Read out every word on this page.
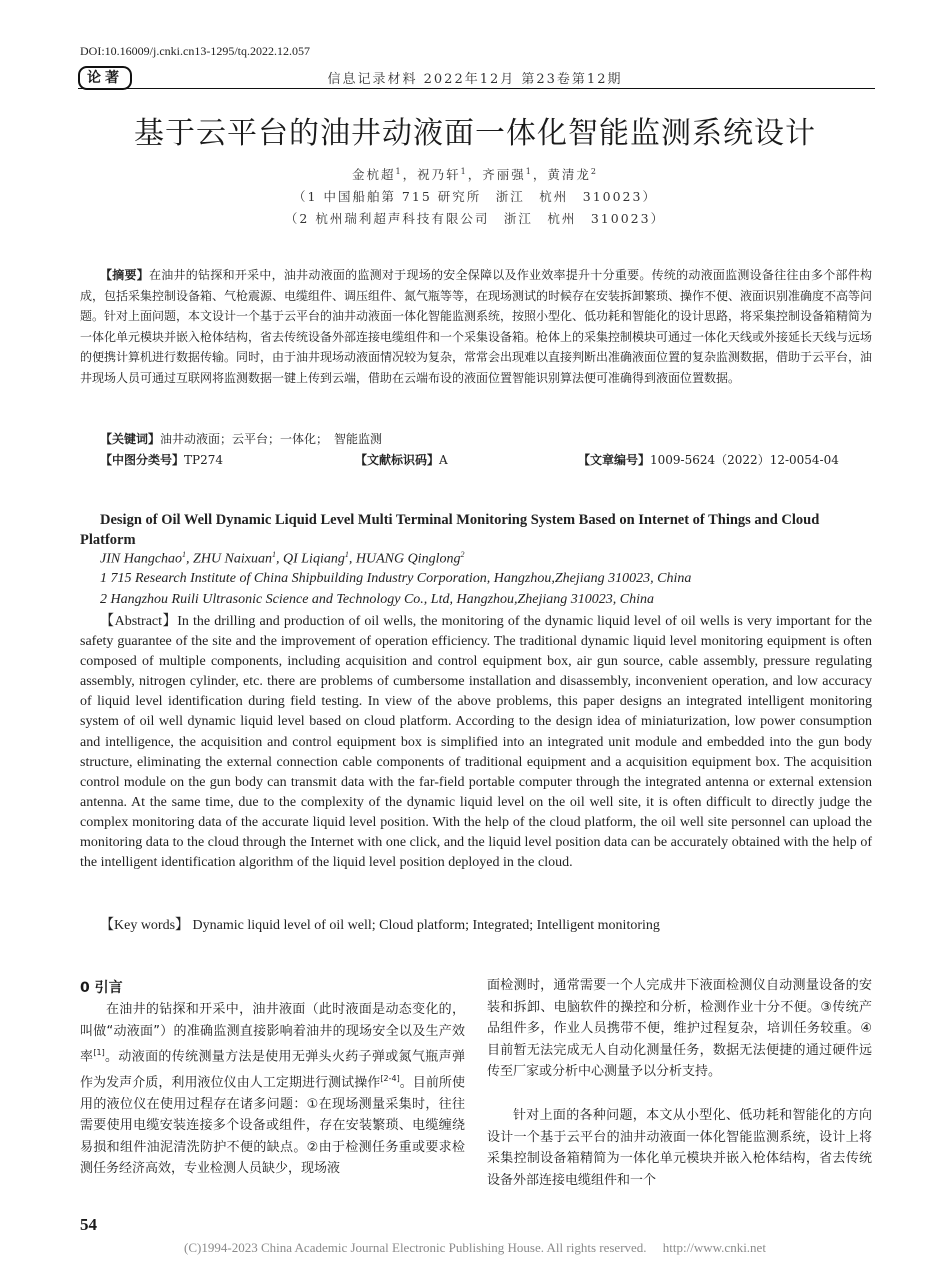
DOI:10.16009/j.cnki.cn13-1295/tq.2022.12.057
论著	信息记录材料 2022年12月 第23卷第12期
基于云平台的油井动液面一体化智能监测系统设计
金杭超$^1$，祝乃轩$^1$，齐丽强$^1$，黄清龙$^2$
（1 中国船舶第 715 研究所　浙江　杭州　310023）
（2 杭州瑞利超声科技有限公司　浙江　杭州　310023）
【摘要】在油井的钻探和开采中，油井动液面的监测对于现场的安全保障以及作业效率提升十分重要。传统的动液面监测设备往往由多个部件构成，包括采集控制设备箱、气枪震源、电缆组件、调压组件、氮气瓶等等，在现场测试的时候存在安装拆卸繁琐、操作不便、液面识别准确度不高等问题。针对上面问题，本文设计一个基于云平台的油井动液面一体化智能监测系统，按照小型化、低功耗和智能化的设计思路，将采集控制设备箱精简为一体化单元模块并嵌入枪体结构，省去传统设备外部连接电缆组件和一个采集设备箱。枪体上的采集控制模块可通过一体化天线或外接延长天线与远场的便携计算机进行数据传输。同时，由于油井现场动液面情况较为复杂，常常会出现难以直接判断出准确液面位置的复杂监测数据，借助于云平台，油井现场人员可通过互联网将监测数据一键上传到云端，借助在云端布设的液面位置智能识别算法便可准确得到液面位置数据。
【关键词】油井动液面；云平台；一体化；　智能监测
【中图分类号】TP274	【文献标识码】A	【文章编号】1009-5624（2022）12-0054-04
Design of Oil Well Dynamic Liquid Level Multi Terminal Monitoring System Based on Internet of Things and Cloud Platform
JIN Hangchao$^1$, ZHU Naixuan$^1$, QI Liqiang$^1$, HUANG Qinglong$^2$
1 715 Research Institute of China Shipbuilding Industry Corporation, Hangzhou,Zhejiang 310023, China
2 Hangzhou Ruili Ultrasonic Science and Technology Co., Ltd, Hangzhou,Zhejiang 310023, China
【Abstract】In the drilling and production of oil wells, the monitoring of the dynamic liquid level of oil wells is very important for the safety guarantee of the site and the improvement of operation efficiency. The traditional dynamic liquid level monitoring equipment is often composed of multiple components, including acquisition and control equipment box, air gun source, cable assembly, pressure regulating assembly, nitrogen cylinder, etc. there are problems of cumbersome installation and disassembly, inconvenient operation, and low accuracy of liquid level identification during field testing. In view of the above problems, this paper designs an integrated intelligent monitoring system of oil well dynamic liquid level based on cloud platform. According to the design idea of miniaturization, low power consumption and intelligence, the acquisition and control equipment box is simplified into an integrated unit module and embedded into the gun body structure, eliminating the external connection cable components of traditional equipment and a acquisition equipment box. The acquisition control module on the gun body can transmit data with the far-field portable computer through the integrated antenna or external extension antenna. At the same time, due to the complexity of the dynamic liquid level on the oil well site, it is often difficult to directly judge the complex monitoring data of the accurate liquid level position. With the help of the cloud platform, the oil well site personnel can upload the monitoring data to the cloud through the Internet with one click, and the liquid level position data can be accurately obtained with the help of the intelligent identification algorithm of the liquid level position deployed in the cloud.
【Key words】 Dynamic liquid level of oil well; Cloud platform; Integrated; Intelligent monitoring
0 引言
在油井的钻探和开采中，油井液面（此时液面是动态变化的，叫做“动液面”）的准确监测直接影响着油井的现场安全以及生产效率[1]。动液面的传统测量方法是使用无弹头火药子弹或氮气瓶声弹作为发声介质，利用液位仪由人工定期进行测试操作[2-4]。目前所使用的液位仪在使用过程存在诸多问题：①在现场测量采集时，往往需要使用电缆安装连接多个设备或组件，存在安装繁琐、电缆缠绕易损和组件油泥清洗防护不便的缺点。②由于检测任务重或要求检测任务经济高效，专业检测人员缺少，现场液
面检测时，通常需要一个人完成井下液面检测仪自动测量设备的安装和拆卸、电脑软件的操控和分析，检测作业十分不便。③传统产品组件多，作业人员携带不便，维护过程复杂，培训任务较重。④目前暂无法完成无人自动化测量任务，数据无法便捷的通过硬件远传至厂家或分析中心测量予以分析支持。
针对上面的各种问题，本文从小型化、低功耗和智能化的方向设计一个基于云平台的油井动液面一体化智能监测系统，设计上将采集控制设备箱精简为一体化单元模块并嵌入枪体结构，省去传统设备外部连接电缆组件和一个
54
(C)1994-2023 China Academic Journal Electronic Publishing House. All rights reserved.　 http://www.cnki.net
